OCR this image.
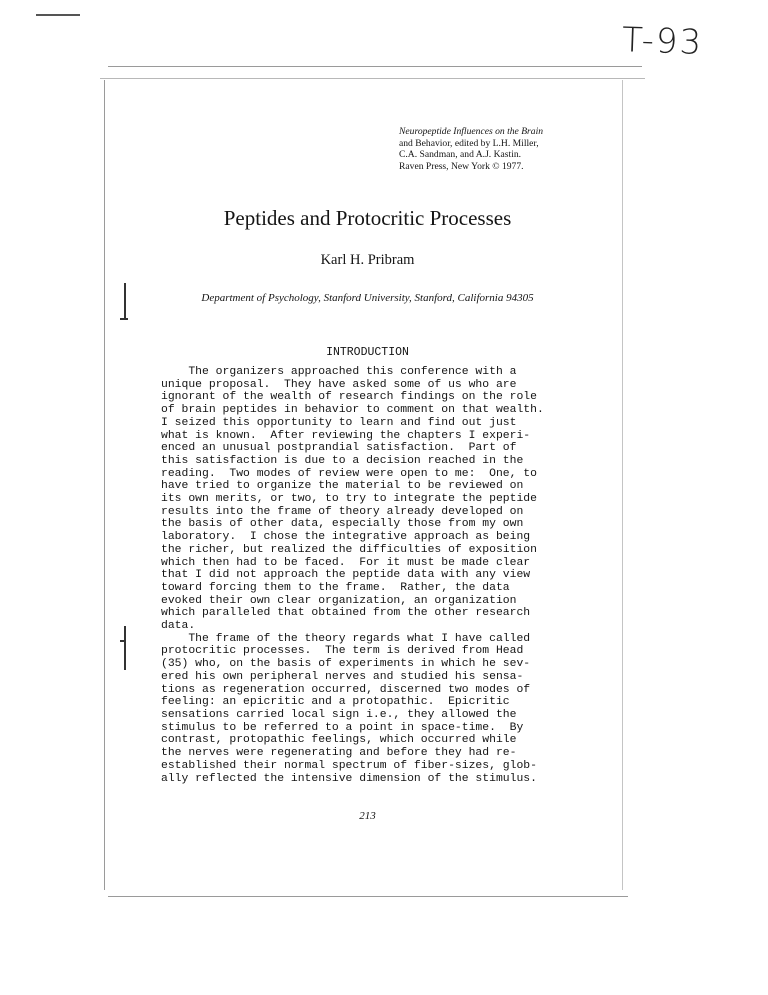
T-93
Neuropeptide Influences on the Brain
and Behavior, edited by L.H. Miller,
C.A. Sandman, and A.J. Kastin.
Raven Press, New York © 1977.
Peptides and Protocritic Processes
Karl H. Pribram
Department of Psychology, Stanford University, Stanford, California 94305
INTRODUCTION
The organizers approached this conference with a
unique proposal.  They have asked some of us who are
ignorant of the wealth of research findings on the role
of brain peptides in behavior to comment on that wealth.
I seized this opportunity to learn and find out just
what is known.  After reviewing the chapters I experi-
enced an unusual postprandial satisfaction.  Part of
this satisfaction is due to a decision reached in the
reading.  Two modes of review were open to me:  One, to
have tried to organize the material to be reviewed on
its own merits, or two, to try to integrate the peptide
results into the frame of theory already developed on
the basis of other data, especially those from my own
laboratory.  I chose the integrative approach as being
the richer, but realized the difficulties of exposition
which then had to be faced.  For it must be made clear
that I did not approach the peptide data with any view
toward forcing them to the frame.  Rather, the data
evoked their own clear organization, an organization
which paralleled that obtained from the other research
data.
The frame of the theory regards what I have called
protocritic processes.  The term is derived from Head
(35) who, on the basis of experiments in which he sev-
ered his own peripheral nerves and studied his sensa-
tions as regeneration occurred, discerned two modes of
feeling: an epicritic and a protopathic.  Epicritic
sensations carried local sign i.e., they allowed the
stimulus to be referred to a point in space-time.  By
contrast, protopathic feelings, which occurred while
the nerves were regenerating and before they had re-
established their normal spectrum of fiber-sizes, glob-
ally reflected the intensive dimension of the stimulus.
213
